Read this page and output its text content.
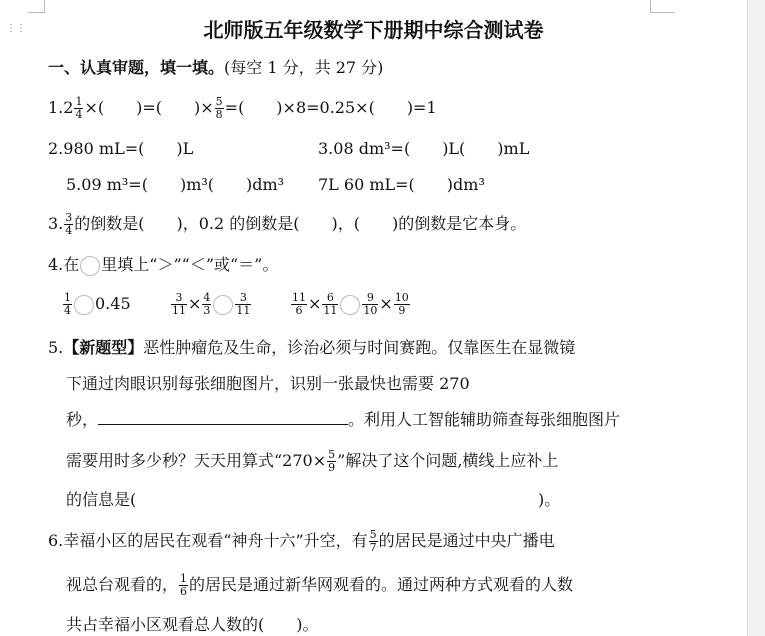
⋮⋮	北师版五年级数学下册期中综合测试卷
一、认真审题，填一填。(每空 1 分，共 27 分)
$1.2 \frac{1}{4}$ ×(　　)=(　　)× $\frac{5}{8}$ =(　　)×8=0.25×(　　)=1
2.980 mL=(　　)L	3.08 dm³=(　　)L(　　)mL
5.09 m³=(　　)m³(　　)dm³ 7L 60 mL=(　　)dm³
3. $\frac{3}{4}$ 的倒数是(　　)，0.2 的倒数是(　　)，(　　)的倒数是它本身。
4.在 里填上“＞”“＜”或“＝”。
$\frac{1}{4} 0.45$	$\frac{3}{11} \times \frac{4}{3} \frac{3}{11}$	$\frac{11}{6} \times \frac{6}{11} \frac{9}{10} \times \frac{10}{9}$
5.【新题型】恶性肿瘤危及生命，诊治必须与时间赛跑。仅靠医生在显微镜
下通过肉眼识别每张细胞图片，识别一张最快也需要 270
秒，	。利用人工智能辅助筛查每张细胞图片
需要用时多少秒？天天用算式“$270\times \frac{5}{9}$ ”解决了这个问题,横线上应补上
的信息是(	)。
6.幸福小区的居民在观看“神舟十六”升空，有 $\frac{5}{7}$ 的居民是通过中央广播电
视总台观看的， $\frac{1}{6}$ 的居民是通过新华网观看的。通过两种方式观看的人数
共占幸福小区观看总人数的(　　)。
